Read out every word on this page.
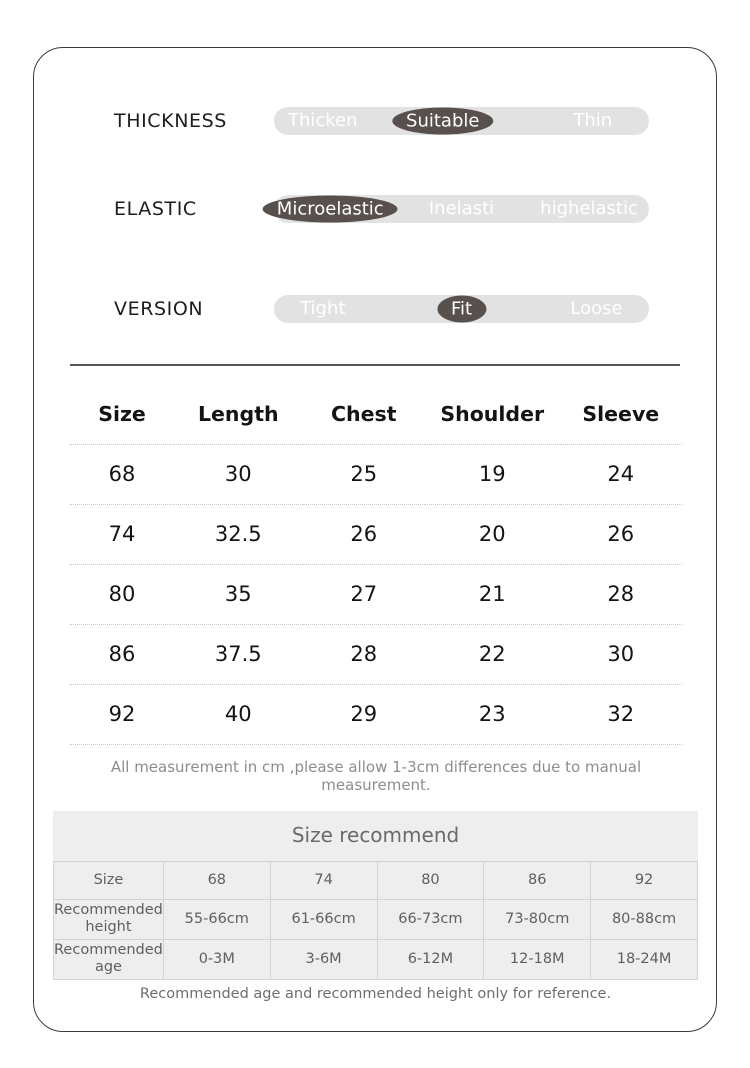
THICKNESS	Thicken	Suitable	Thin
ELASTIC	Microelastic	Inelasti	highelastic
VERSION	Tight	Fit	Loose
Size	Length	Chest	Shoulder	Sleeve
68	30	25	19	24
74	32.5	26	20	26
80	35	27	21	28
86	37.5	28	22	30
92	40	29	23	32
All measurement in cm ,please allow 1-3cm differences due to manual measurement.
Size recommend					
Size	68	74	80	86	92
Recommended height	55-66cm	61-66cm	66-73cm	73-80cm	80-88cm
Recommended age	0-3M	3-6M	6-12M	12-18M	18-24M
Recommended age and recommended height only for reference.
